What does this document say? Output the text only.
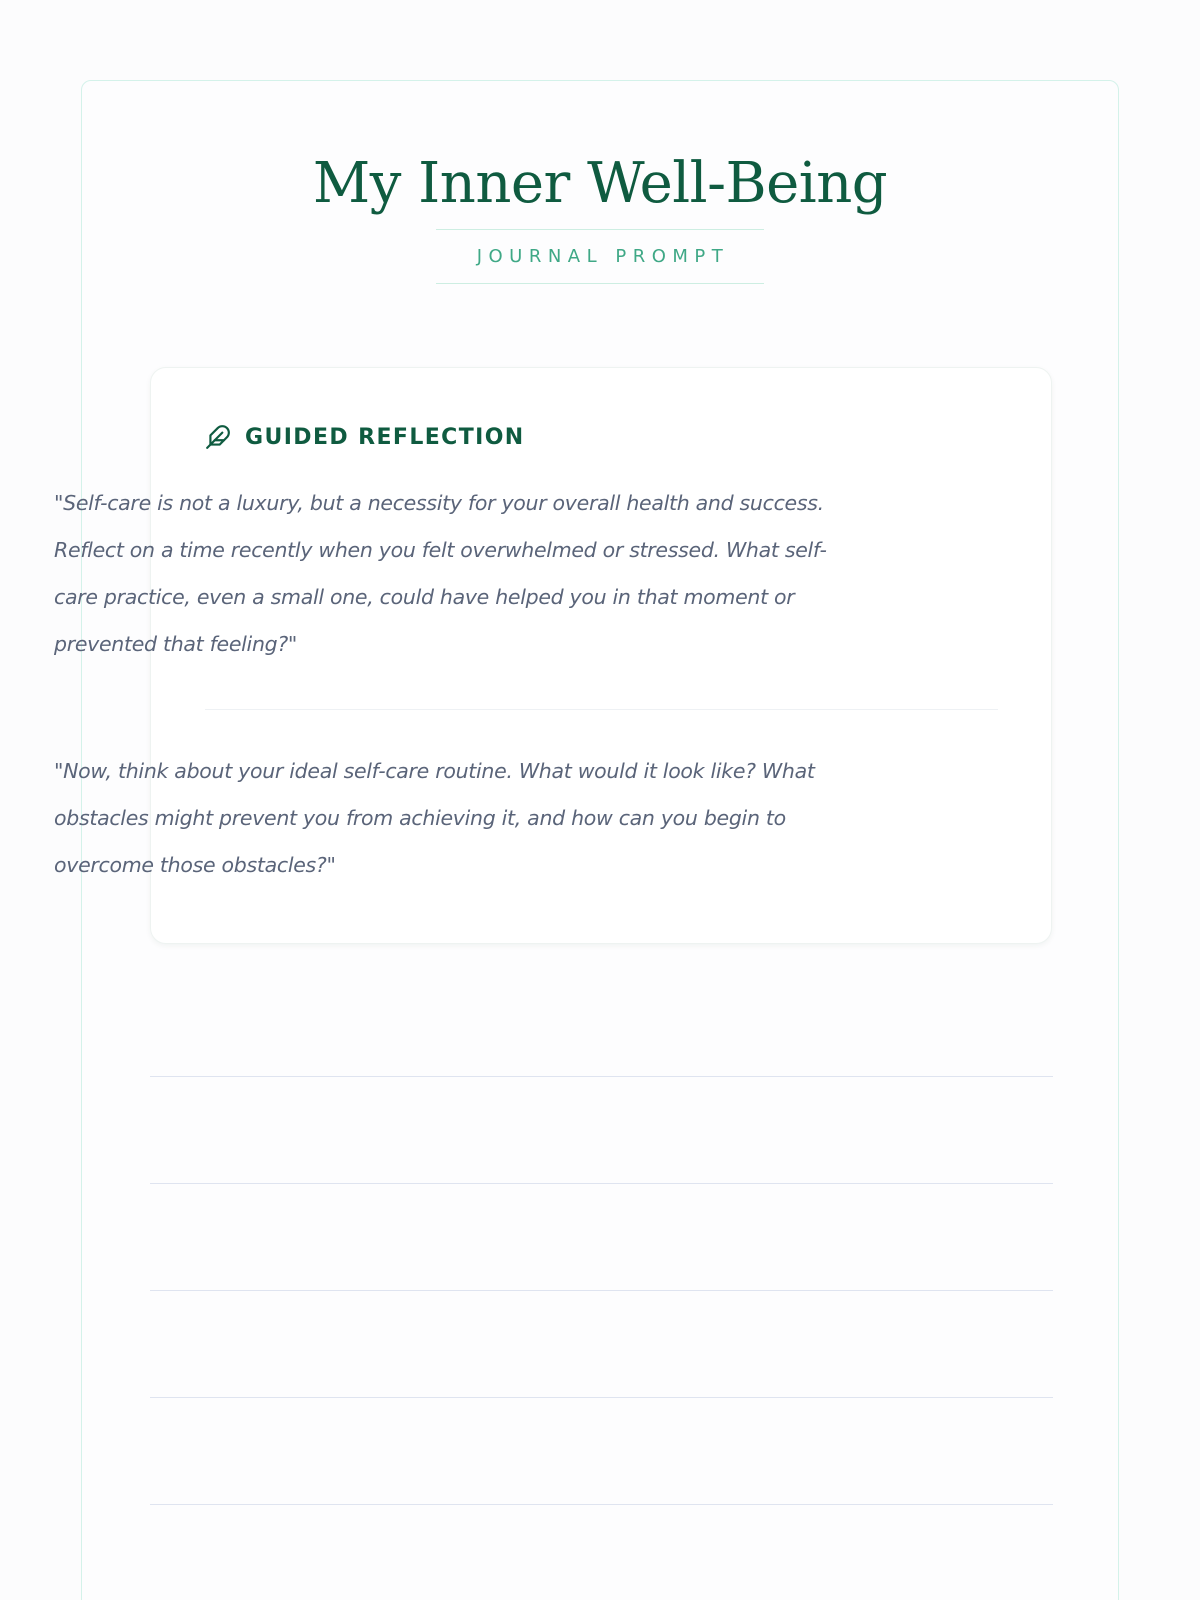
My Inner Well-Being
JOURNAL PROMPT
GUIDED REFLECTION

"Self-care is not a luxury, but a necessity for your overall health and success. Reflect on a time recently when you felt overwhelmed or stressed. What self-care practice, even a small one, could have helped you in that moment or prevented that feeling?"

"Now, think about your ideal self-care routine. What would it look like? What obstacles might prevent you from achieving it, and how can you begin to overcome those obstacles?"
